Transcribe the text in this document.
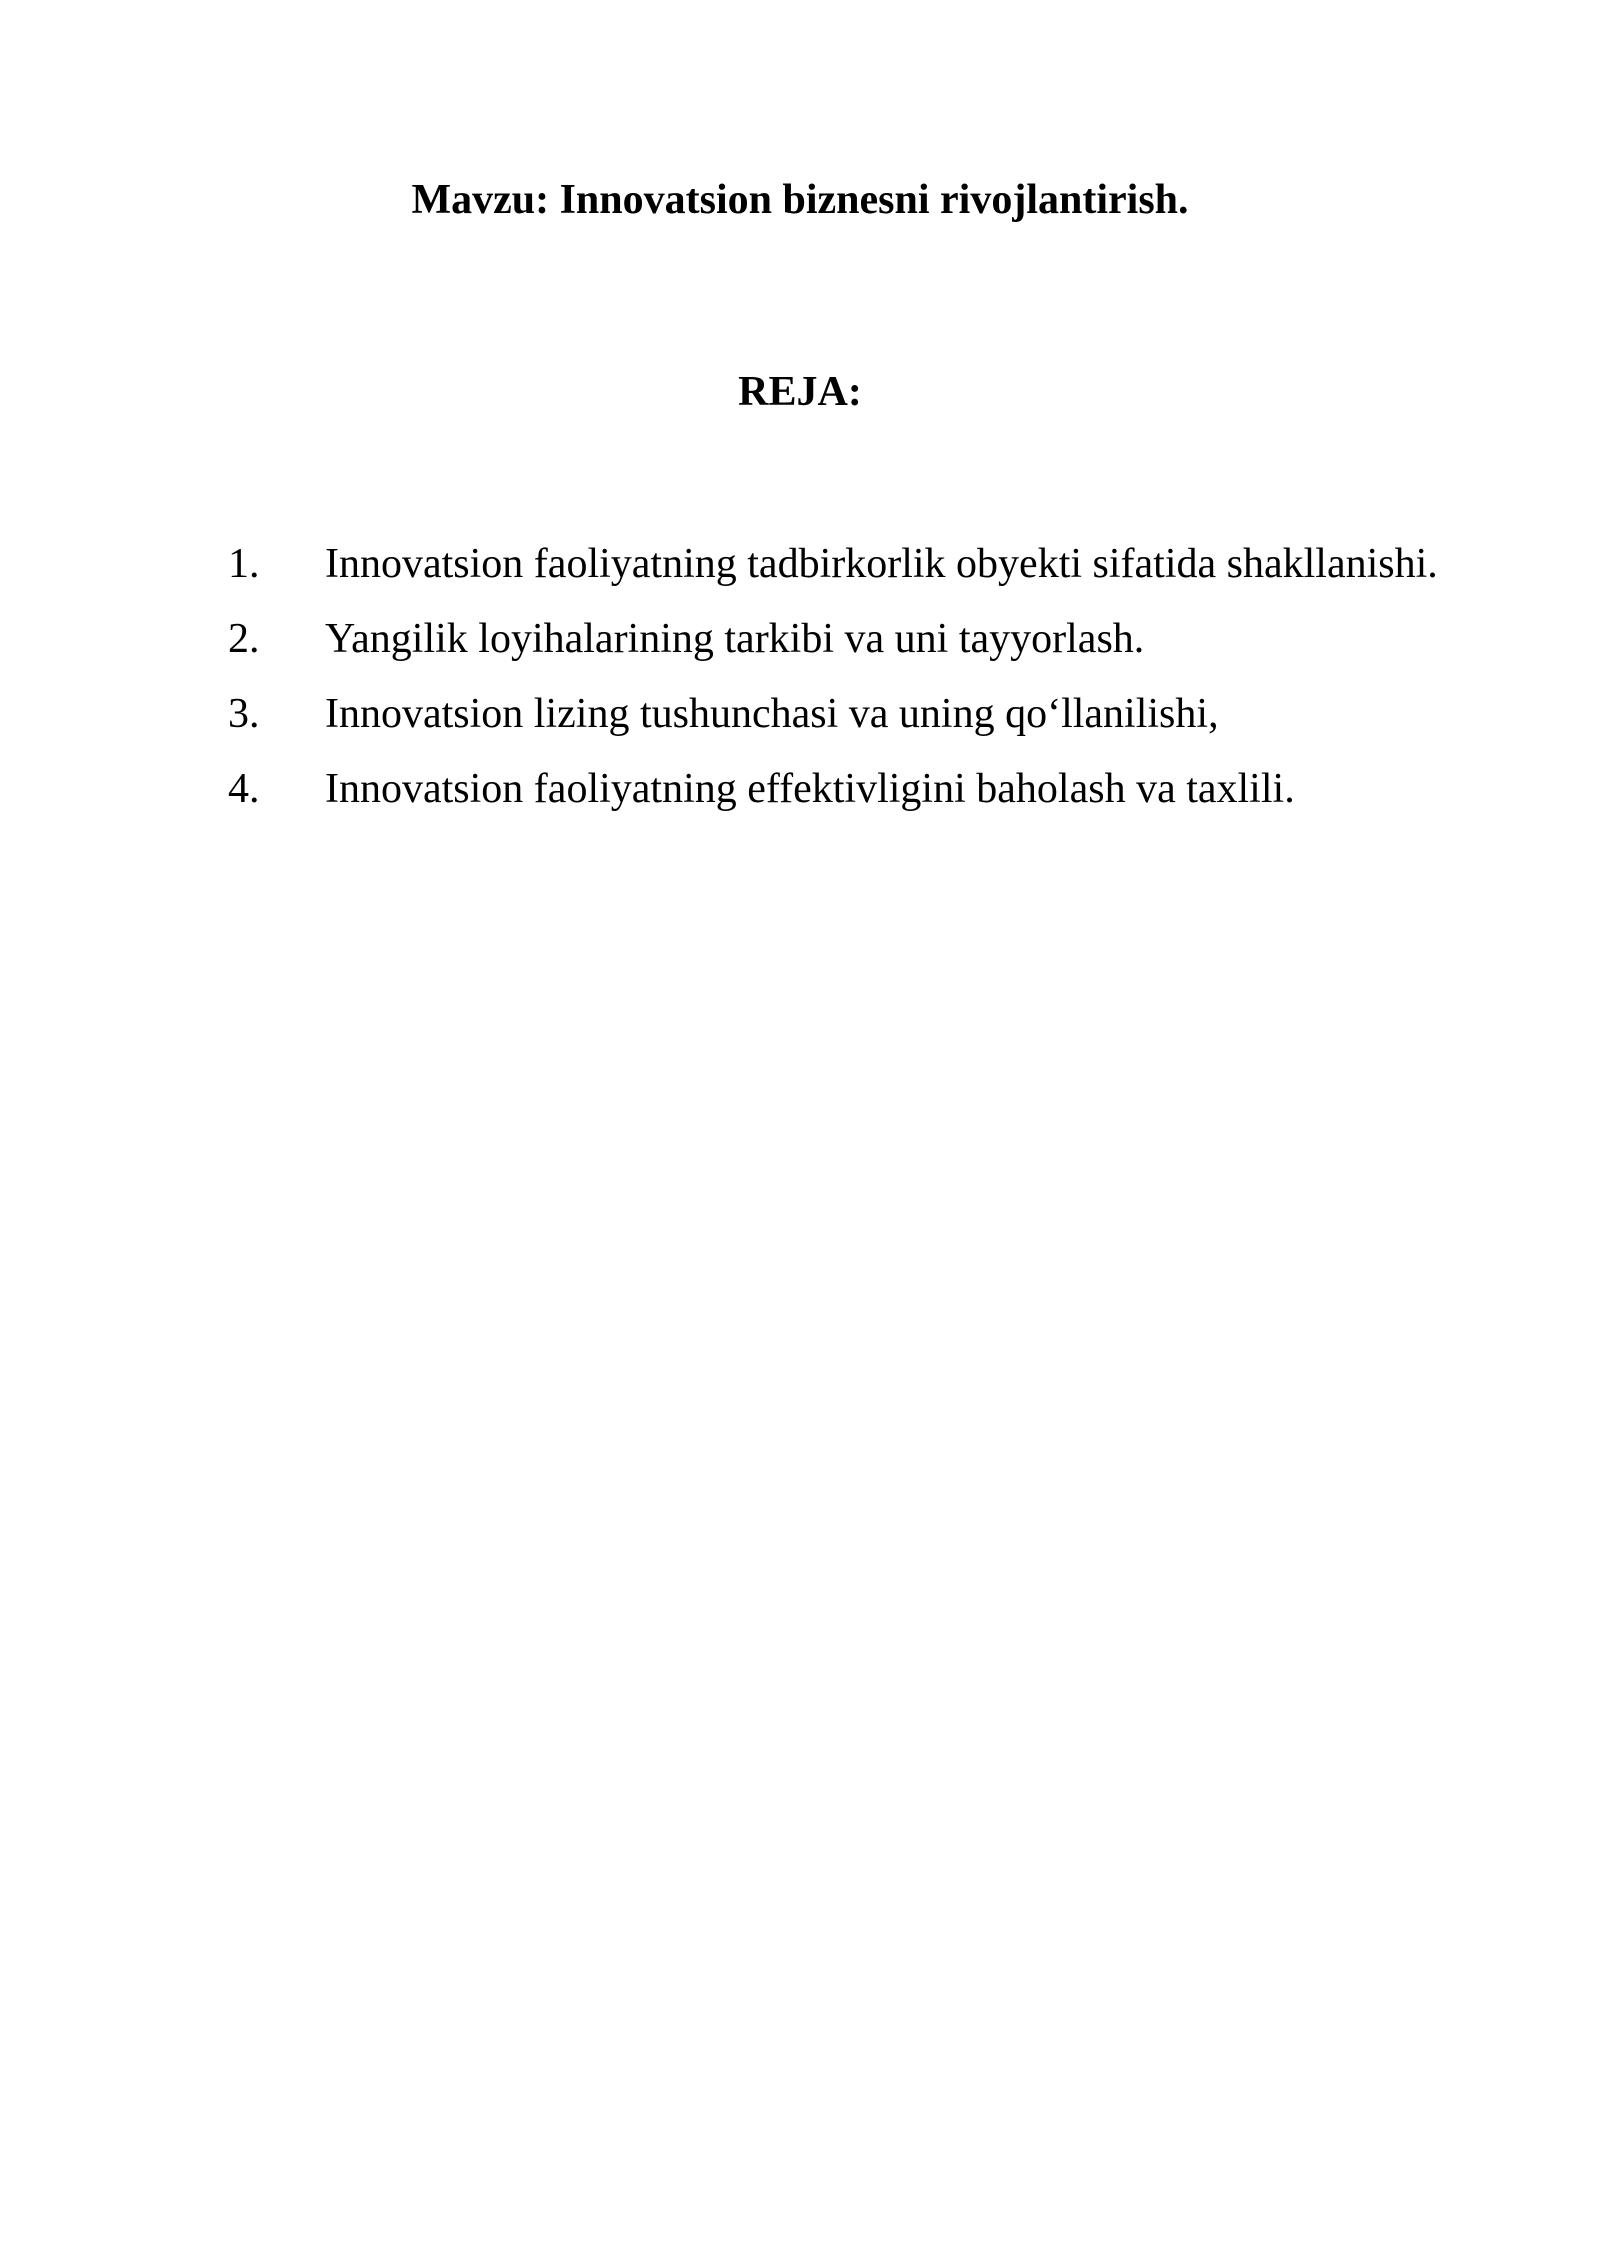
Mavzu: Innovatsion biznesni rivojlantirish.
REJA:
1.	Innovatsion faoliyatning tadbirkorlik obyekti sifatida shakllanishi.
2.	Yangilik loyihalarining tarkibi va uni tayyorlash.
3.	Innovatsion lizing tushunchasi va uning qo‘llanilishi,
4.	Innovatsion faoliyatning effektivligini baholash va taxlili.
